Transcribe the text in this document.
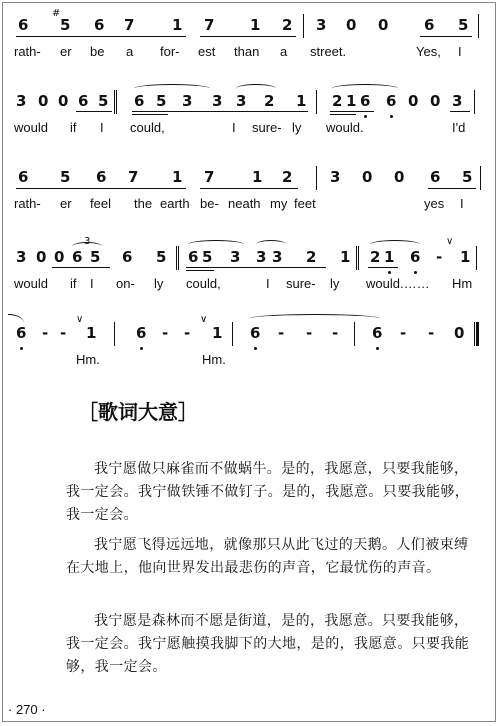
6
#
5 6 7	1 7 1 2 3 0 0 6 5
rath- er be a for- est than a street.	Yes, I
3 0 0 6 5 6 5 3 3 3 2 1 2 1 6 6 0 0 3
would if I could,	I sure- ly would.	I'd
6 5 6 7 1 7	1 2	3 0 0 6 5
rath- er feel the earth be- neath my feet	yes I
3 0 0
3
6 5 6 5 6 5 3 3 3 2 1 2 1 6 -
∨
1
would if I on- ly could,	I sure- ly would.…… Hm
6 - -
∨
1	6 - -
∨
1 6 - - - 6 - - 0
Hm.	Hm.
［歌词大意］
我宁愿做只麻雀而不做蜗牛。是的，我愿意，只要我能够，我一定会。我宁做铁锤不做钉子。是的，我愿意。只要我能够，我一定会。
我宁愿飞得远远地，就像那只从此飞过的天鹅。人们被束缚在大地上，他向世界发出最悲伤的声音，它最忧伤的声音。
我宁愿是森林而不愿是街道，是的，我愿意。只要我能够，我一定会。我宁愿触摸我脚下的大地，是的，我愿意。只要我能够，我一定会。
· 270 ·
